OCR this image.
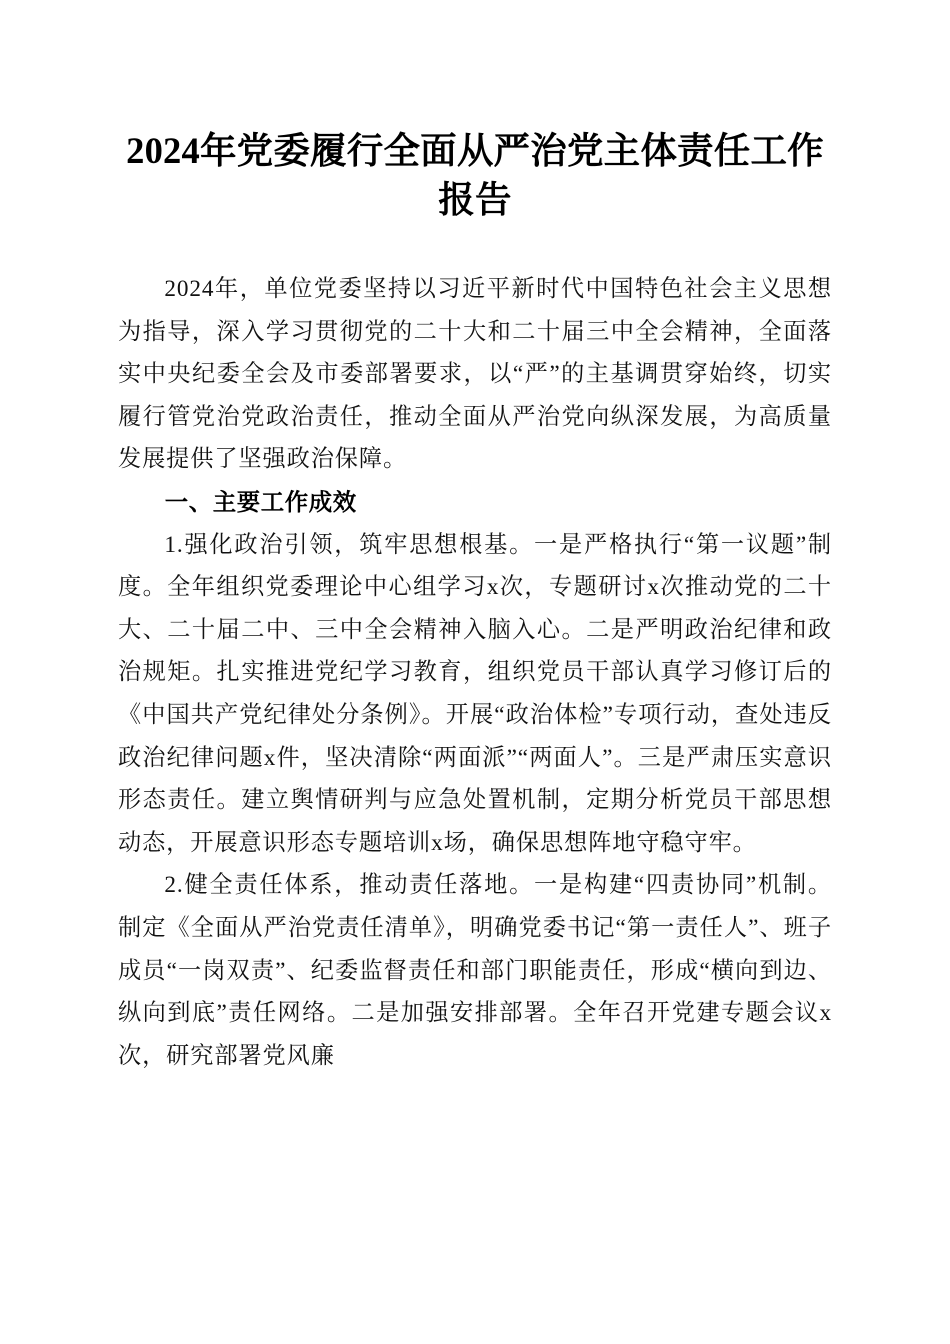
2024年党委履行全面从严治党主体责任工作报告

2024年，单位党委坚持以习近平新时代中国特色社会主义思想为指导，深入学习贯彻党的二十大和二十届三中全会精神，全面落实中央纪委全会及市委部署要求，以“严”的主基调贯穿始终，切实履行管党治党政治责任，推动全面从严治党向纵深发展，为高质量发展提供了坚强政治保障。

一、主要工作成效

1.强化政治引领，筑牢思想根基。一是严格执行“第一议题”制度。全年组织党委理论中心组学习x次，专题研讨x次推动党的二十大、二十届二中、三中全会精神入脑入心。二是严明政治纪律和政治规矩。扎实推进党纪学习教育，组织党员干部认真学习修订后的《中国共产党纪律处分条例》。开展“政治体检”专项行动，查处违反政治纪律问题x件，坚决清除“两面派”“两面人”。三是严肃压实意识形态责任。建立舆情研判与应急处置机制，定期分析党员干部思想动态，开展意识形态专题培训x场，确保思想阵地守稳守牢。

2.健全责任体系，推动责任落地。一是构建“四责协同”机制。制定《全面从严治党责任清单》，明确党委书记“第一责任人”、班子成员“一岗双责”、纪委监督责任和部门职能责任，形成“横向到边、纵向到底”责任网络。二是加强安排部署。全年召开党建专题会议x次，研究部署党风廉
